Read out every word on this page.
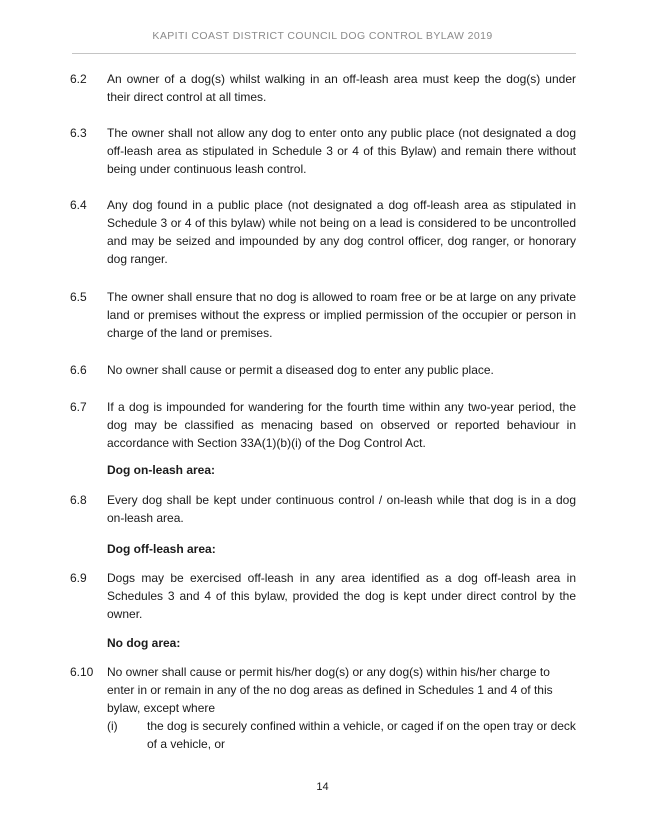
KAPITI COAST DISTRICT COUNCIL DOG CONTROL BYLAW 2019
6.2 An owner of a dog(s) whilst walking in an off-leash area must keep the dog(s) under their direct control at all times.
6.3 The owner shall not allow any dog to enter onto any public place (not designated a dog off-leash area as stipulated in Schedule 3 or 4 of this Bylaw) and remain there without being under continuous leash control.
6.4 Any dog found in a public place (not designated a dog off-leash area as stipulated in Schedule 3 or 4 of this bylaw) while not being on a lead is considered to be uncontrolled and may be seized and impounded by any dog control officer, dog ranger, or honorary dog ranger.
6.5 The owner shall ensure that no dog is allowed to roam free or be at large on any private land or premises without the express or implied permission of the occupier or person in charge of the land or premises.
6.6 No owner shall cause or permit a diseased dog to enter any public place.
6.7 If a dog is impounded for wandering for the fourth time within any two-year period, the dog may be classified as menacing based on observed or reported behaviour in accordance with Section 33A(1)(b)(i) of the Dog Control Act.
Dog on-leash area:
6.8 Every dog shall be kept under continuous control / on-leash while that dog is in a dog on-leash area.
Dog off-leash area:
6.9 Dogs may be exercised off-leash in any area identified as a dog off-leash area in Schedules 3 and 4 of this bylaw, provided the dog is kept under direct control by the owner.
No dog area:
6.10 No owner shall cause or permit his/her dog(s) or any dog(s) within his/her charge to enter in or remain in any of the no dog areas as defined in Schedules 1 and 4 of this bylaw, except where
(i) the dog is securely confined within a vehicle, or caged if on the open tray or deck of a vehicle, or
14
